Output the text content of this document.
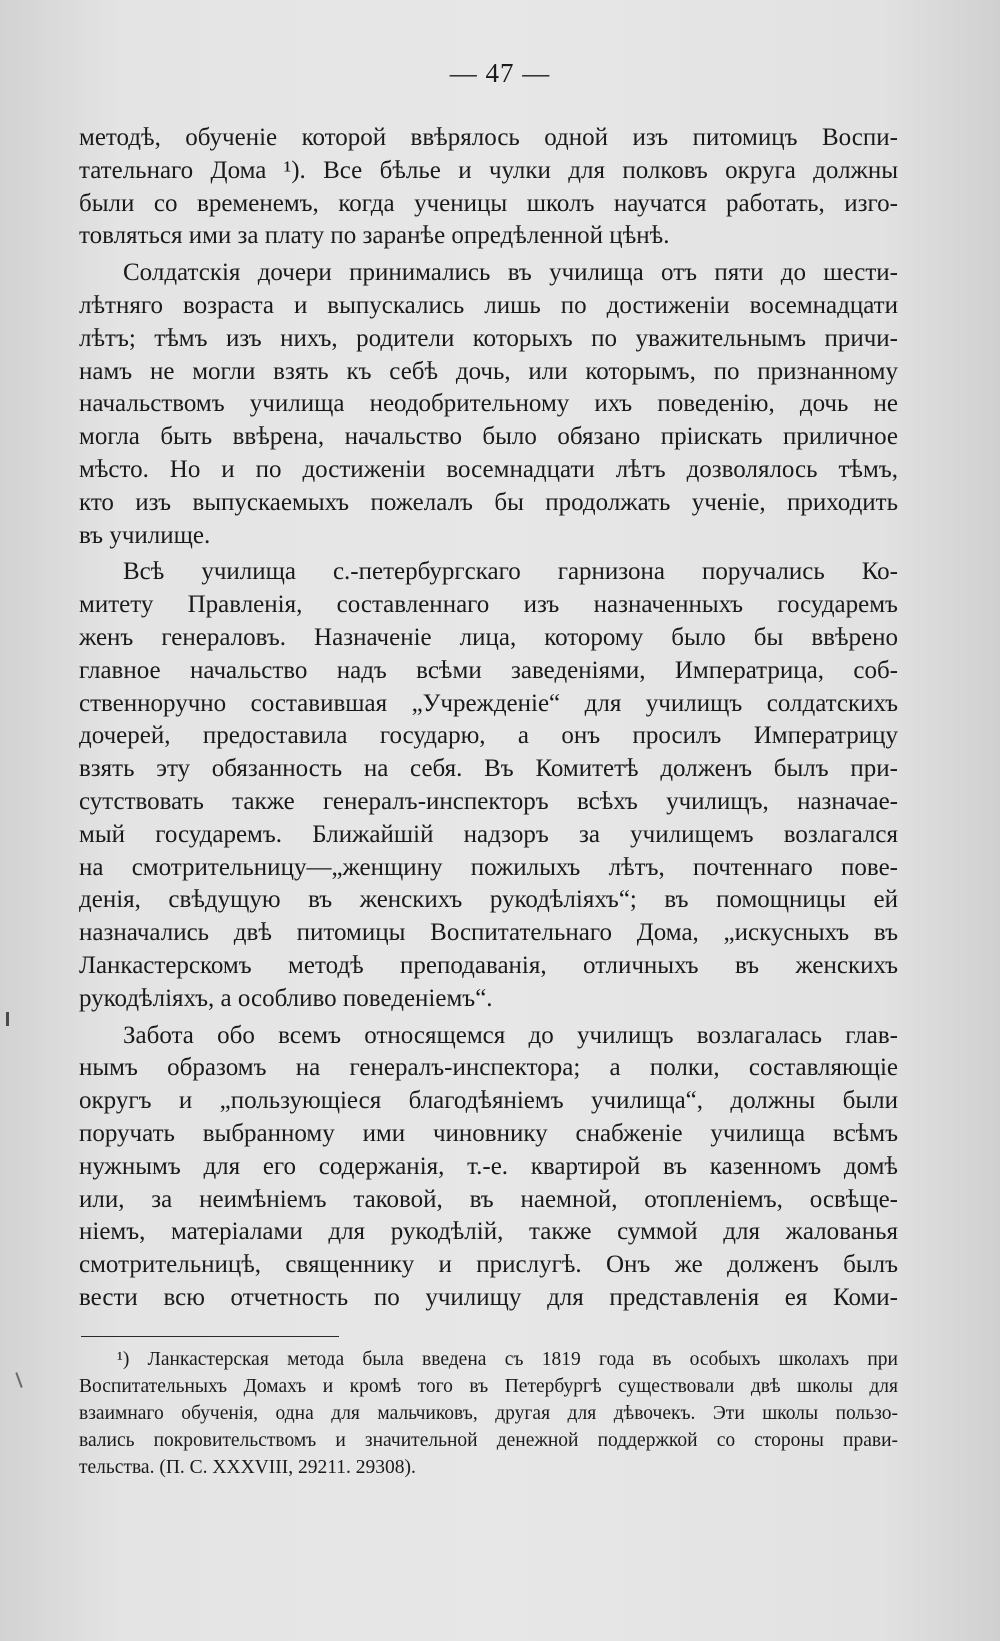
— 47 —
методѣ, обученіе которой ввѣрялось одной изъ питомицъ Воспи-
тательнаго Дома ¹). Все бѣлье и чулки для полковъ округа должны
были со временемъ, когда ученицы школъ научатся работать, изго-
товляться ими за плату по заранѣе опредѣленной цѣнѣ.
Солдатскія дочери принимались въ училища отъ пяти до шести-
лѣтняго возраста и выпускались лишь по достиженіи восемнадцати
лѣтъ; тѣмъ изъ нихъ, родители которыхъ по уважительнымъ причи-
намъ не могли взять къ себѣ дочь, или которымъ, по признанному
начальствомъ училища неодобрительному ихъ поведенію, дочь не
могла быть ввѣрена, начальство было обязано пріискать приличное
мѣсто. Но и по достиженіи восемнадцати лѣтъ дозволялось тѣмъ,
кто изъ выпускаемыхъ пожелалъ бы продолжать ученіе, приходить
въ училище.
Всѣ училища с.-петербургскаго гарнизона поручались Ко-
митету Правленія, составленнаго изъ назначенныхъ государемъ
женъ генераловъ. Назначеніе лица, которому было бы ввѣрено
главное начальство надъ всѣми заведеніями, Императрица, соб-
ственноручно составившая „Учрежденіе“ для училищъ солдатскихъ
дочерей, предоставила государю, а онъ просилъ Императрицу
взять эту обязанность на себя. Въ Комитетѣ долженъ былъ при-
сутствовать также генералъ-инспекторъ всѣхъ училищъ, назначае-
мый государемъ. Ближайшій надзоръ за училищемъ возлагался
на смотрительницу—„женщину пожилыхъ лѣтъ, почтеннаго пове-
денія, свѣдущую въ женскихъ рукодѣліяхъ“; въ помощницы ей
назначались двѣ питомицы Воспитательнаго Дома, „искусныхъ въ
Ланкастерскомъ методѣ преподаванія, отличныхъ въ женскихъ
рукодѣліяхъ, а особливо поведеніемъ“.
Забота обо всемъ относящемся до училищъ возлагалась глав-
нымъ образомъ на генералъ-инспектора; а полки, составляющіе
округъ и „пользующіеся благодѣяніемъ училища“, должны были
поручать выбранному ими чиновнику снабженіе училища всѣмъ
нужнымъ для его содержанія, т.-е. квартирой въ казенномъ домѣ
или, за неимѣніемъ таковой, въ наемной, отопленіемъ, освѣще-
ніемъ, матеріалами для рукодѣлій, также суммой для жалованья
смотрительницѣ, священнику и прислугѣ. Онъ же долженъ былъ
вести всю отчетность по училищу для представленія ея Коми-
¹) Ланкастерская метода была введена съ 1819 года въ особыхъ школахъ при
Воспитательныхъ Домахъ и кромѣ того въ Петербургѣ существовали двѣ школы для
взаимнаго обученія, одна для мальчиковъ, другая для дѣвочекъ. Эти школы пользо-
вались покровительствомъ и значительной денежной поддержкой со стороны прави-
тельства. (П. С. XXXVIII, 29211. 29308).
